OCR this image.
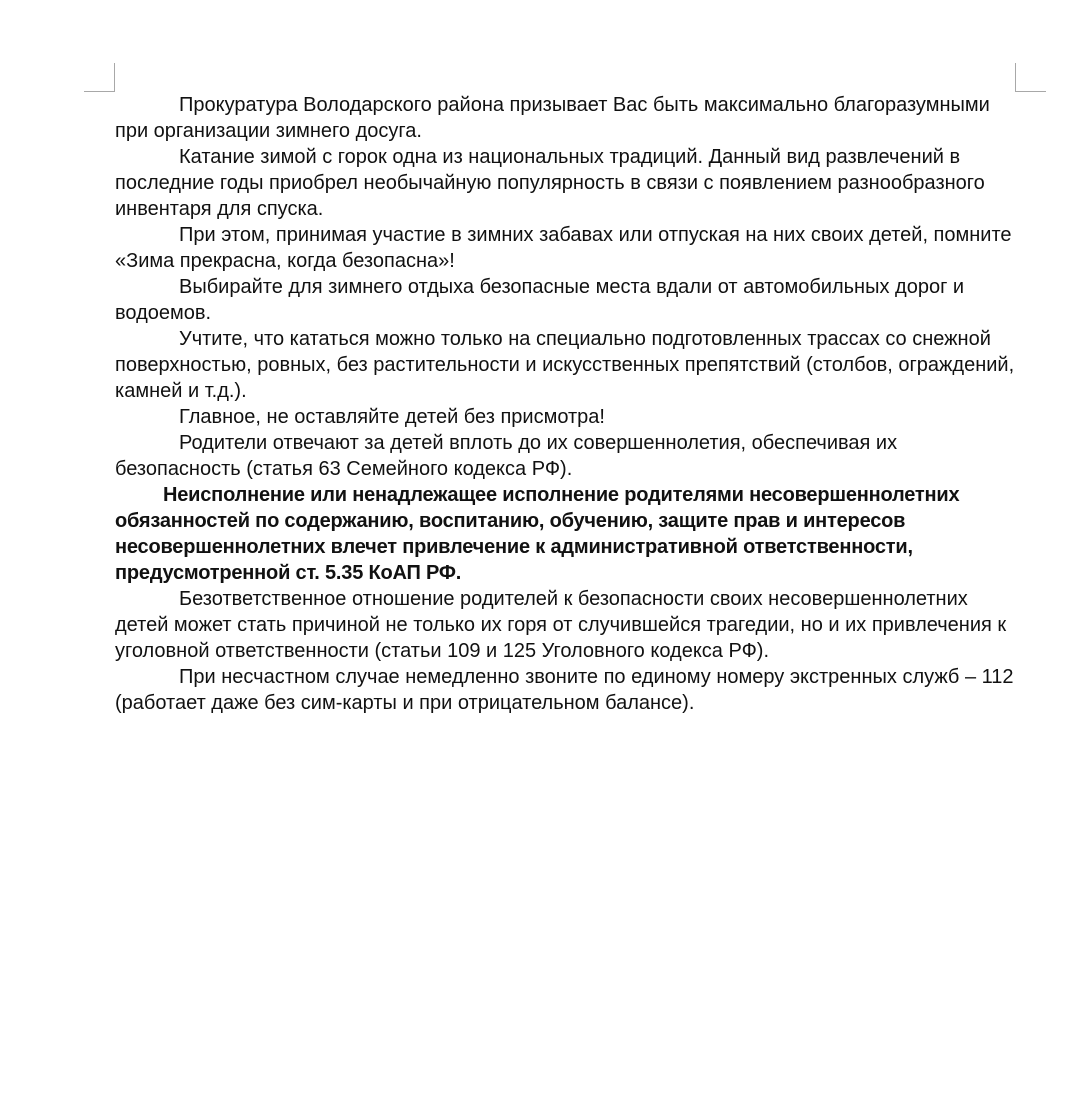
Прокуратура Володарского района призывает Вас быть максимально благоразумными при организации зимнего досуга.

Катание зимой с горок одна из национальных традиций. Данный вид развлечений в последние годы приобрел необычайную популярность в связи с появлением разнообразного инвентаря для спуска.

При этом, принимая участие в зимних забавах или отпуская на них своих детей, помните «Зима прекрасна, когда безопасна»!

Выбирайте для зимнего отдыха безопасные места вдали от автомобильных дорог и водоемов.

Учтите, что кататься можно только на специально подготовленных трассах со снежной поверхностью, ровных, без растительности и искусственных препятствий (столбов, ограждений, камней и т.д.).

Главное, не оставляйте детей без присмотра!

Родители отвечают за детей вплоть до их совершеннолетия, обеспечивая их безопасность (статья 63 Семейного кодекса РФ).

Неисполнение или ненадлежащее исполнение родителями несовершеннолетних обязанностей по содержанию, воспитанию, обучению, защите прав и интересов несовершеннолетних влечет привлечение к административной ответственности, предусмотренной ст. 5.35 КоАП РФ.

Безответственное отношение родителей к безопасности своих несовершеннолетних детей может стать причиной не только их горя от случившейся трагедии, но и их привлечения к уголовной ответственности (статьи 109 и 125 Уголовного кодекса РФ).

При несчастном случае немедленно звоните по единому номеру экстренных служб – 112 (работает даже без сим-карты и при отрицательном балансе).
